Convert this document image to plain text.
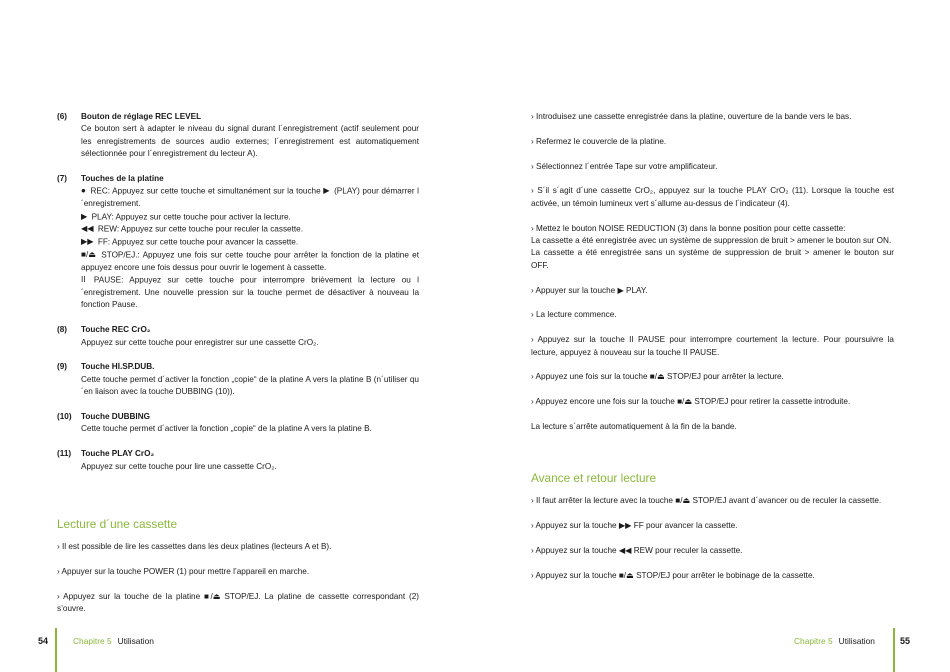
(6) Bouton de réglage REC LEVEL
Ce bouton sert à adapter le niveau du signal durant l´enregistrement (actif seulement pour les enregistrements de sources audio externes; l´enregistrement est automatiquement sélectionnée pour l´enregistrement du lecteur A).
(7) Touches de la platine
● REC: Appuyez sur cette touche et simultanément sur la touche ▶ (PLAY) pour démarrer l´enregistrement.
▶ PLAY: Appuyez sur cette touche pour activer la lecture.
◀◀ REW: Appuyez sur cette touche pour reculer la cassette.
▶▶ FF: Appuyez sur cette touche pour avancer la cassette.
■/⏏ STOP/EJ.: Appuyez une fois sur cette touche pour arrêter la fonction de la platine et appuyez encore une fois dessus pour ouvrir le logement à cassette.
II PAUSE: Appuyez sur cette touche pour interrompre brièvement la lecture ou l´enregistrement. Une nouvelle pression sur la touche permet de désactiver à nouveau la fonction Pause.
(8) Touche REC CrO₂
Appuyez sur cette touche pour enregistrer sur une cassette CrO₂.
(9) Touche HI.SP.DUB.
Cette touche permet d´activer la fonction „copie“ de la platine A vers la platine B (n´utiliser qu´en liaison avec la touche DUBBING (10)).
(10) Touche DUBBING
Cette touche permet d´activer la fonction „copie“ de la platine A vers la platine B.
(11) Touche PLAY CrO₂
Appuyez sur cette touche pour lire une cassette CrO₂.
Lecture d´une cassette
› Il est possible de lire les cassettes dans les deux platines (lecteurs A et B).
› Appuyer sur la touche POWER (1) pour mettre l’appareil en marche.
› Appuyez sur la touche de la platine ■/⏏ STOP/EJ. La platine de cassette correspondant (2) s’ouvre.
› Introduisez une cassette enregistrée dans la platine, ouverture de la bande vers le bas.
› Refermez le couvercle de la platine.
› Sélectionnez l´entrée Tape sur votre amplificateur.
› S´il s´agit d´une cassette CrO₂, appuyez sur la touche PLAY CrO₂ (11). Lorsque la touche est activée, un témoin lumineux vert s´allume au-dessus de l´indicateur (4).
› Mettez le bouton NOISE REDUCTION (3) dans la bonne position pour cette cassette:
La cassette a été enregistrée avec un système de suppression de bruit > amener le bouton sur ON.
La cassette a été enregistrée sans un système de suppression de bruit > amener le bouton sur OFF.
› Appuyer sur la touche ▶ PLAY.
› La lecture commence.
› Appuyez sur la touche II PAUSE pour interrompre courtement la lecture. Pour poursuivre la lecture, appuyez à nouveau sur la touche II PAUSE.
› Appuyez une fois sur la touche ■/⏏ STOP/EJ pour arrêter la lecture.
› Appuyez encore une fois sur la touche ■/⏏ STOP/EJ pour retirer la cassette introduite.
La lecture s´arrête automatiquement à la fin de la bande.
Avance et retour lecture
› Il faut arrêter la lecture avec la touche ■/⏏ STOP/EJ avant d´avancer ou de reculer la cassette.
› Appuyez sur la touche ▶▶ FF pour avancer la cassette.
› Appuyez sur la touche ◀◀ REW pour reculer la cassette.
› Appuyez sur la touche ■/⏏ STOP/EJ pour arrêter le bobinage de la cassette.
54	Chapitre 5 Utilisation	Chapitre 5 Utilisation	55
